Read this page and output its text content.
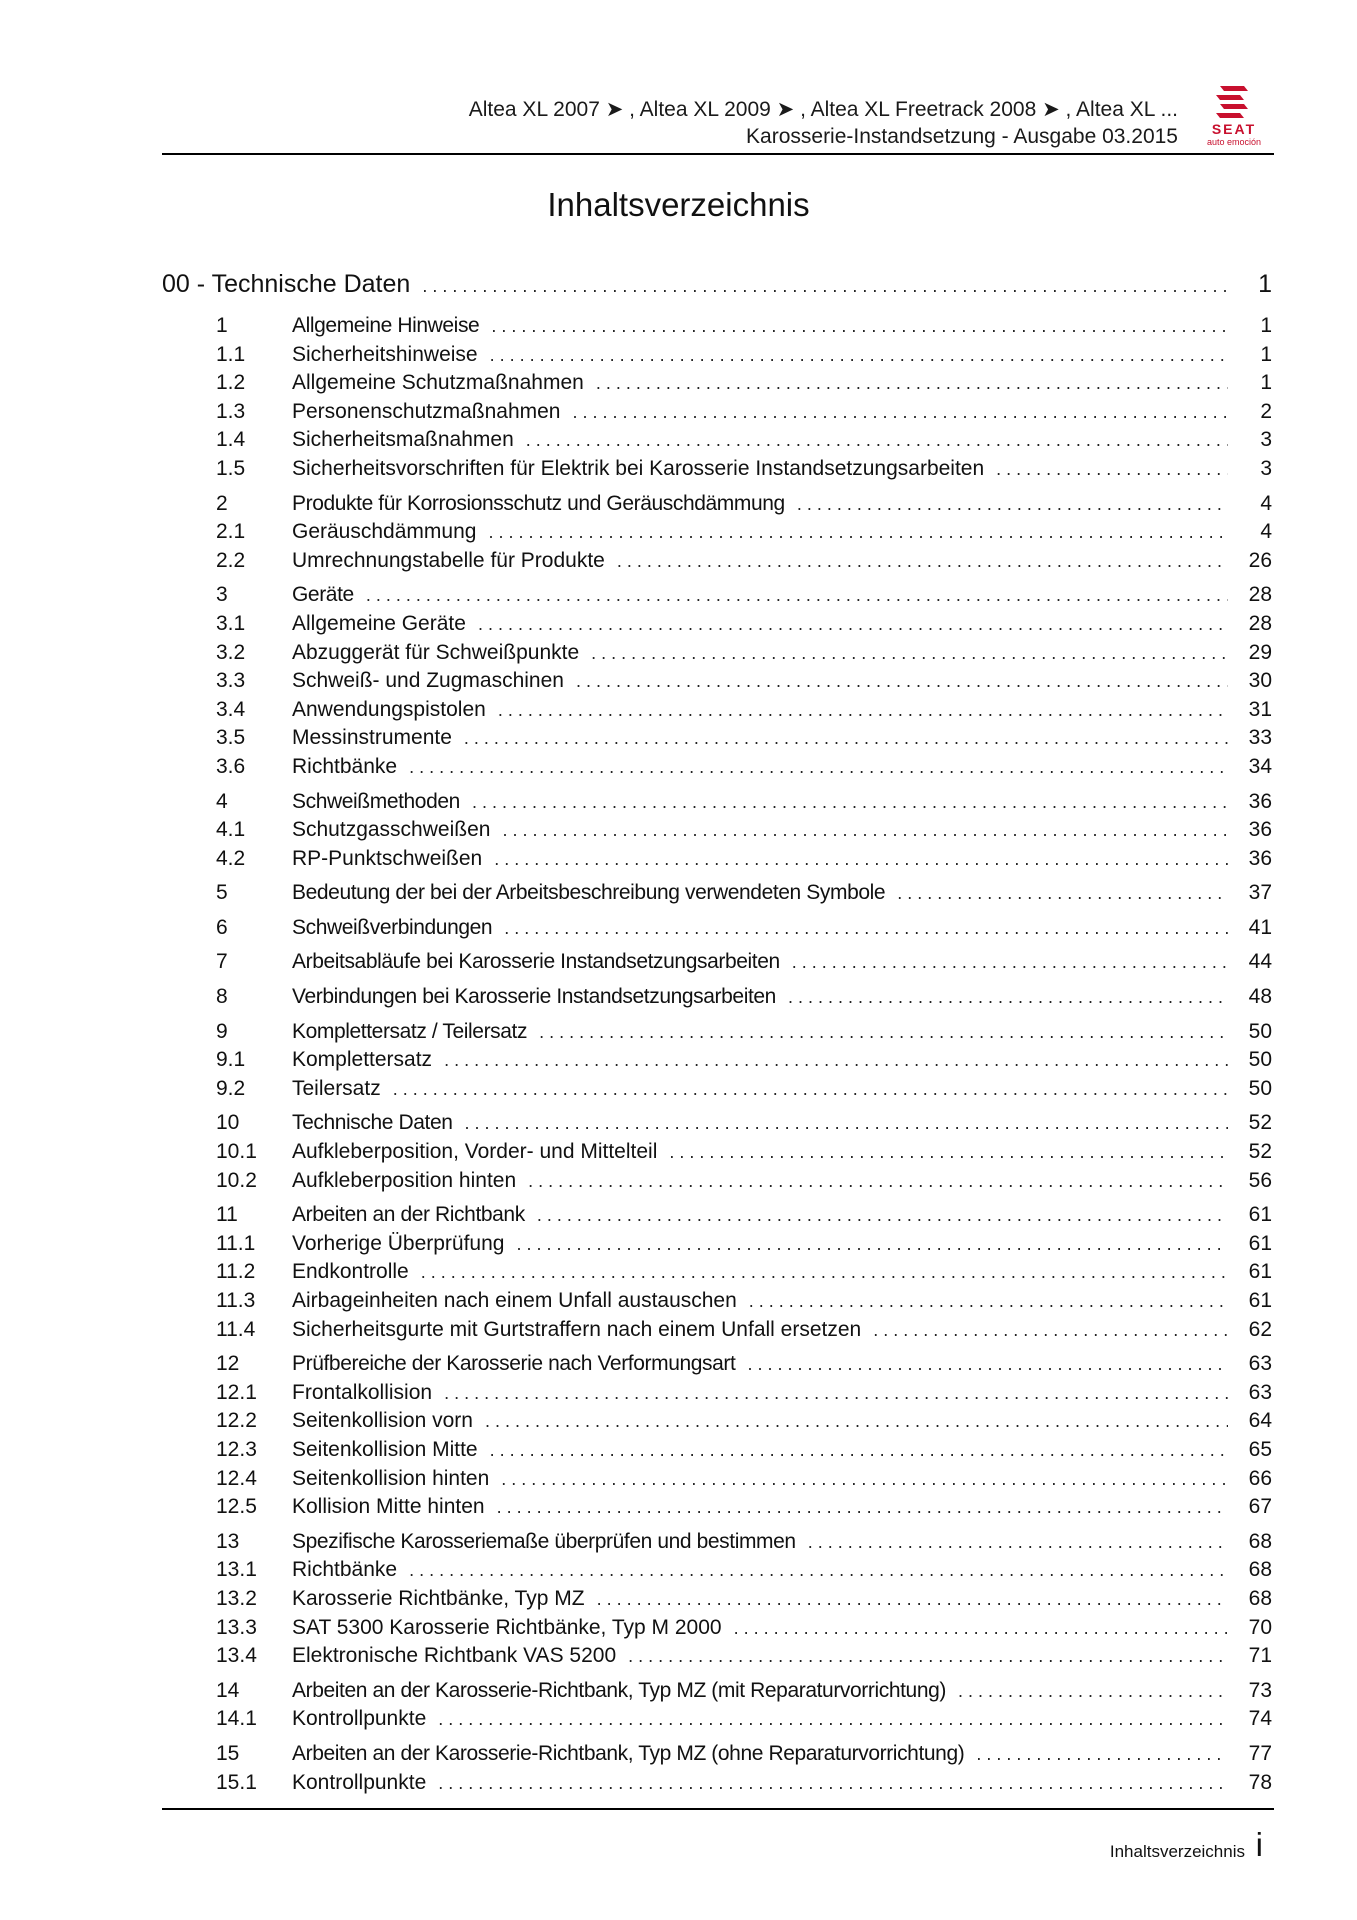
Altea XL 2007 ➤ , Altea XL 2009 ➤ , Altea XL Freetrack 2008 ➤ , Altea XL ...
Karosserie-Instandsetzung - Ausgabe 03.2015 SEAT
auto emoción
Inhaltsverzeichnis
00 - Technische Daten . . .	1
1	Allgemeine Hinweise . . .	1
1.1	Sicherheitshinweise . . .	1
1.2	Allgemeine Schutzmaßnahmen . . .	1
1.3	Personenschutzmaßnahmen . . .	2
1.4	Sicherheitsmaßnahmen . . .	3
1.5	Sicherheitsvorschriften für Elektrik bei Karosserie Instandsetzungsarbeiten . . .	3
2	Produkte für Korrosionsschutz und Geräuschdämmung . . .	4
2.1	Geräuschdämmung . . .	4
2.2	Umrechnungstabelle für Produkte . . .	26
3	Geräte . . .	28
3.1	Allgemeine Geräte . . .	28
3.2	Abzuggerät für Schweißpunkte . . .	29
3.3	Schweiß- und Zugmaschinen . . .	30
3.4	Anwendungspistolen . . .	31
3.5	Messinstrumente . . .	33
3.6	Richtbänke . . .	34
4	Schweißmethoden . . .	36
4.1	Schutzgasschweißen . . .	36
4.2	RP-Punktschweißen . . .	36
5	Bedeutung der bei der Arbeitsbeschreibung verwendeten Symbole . . .	37
6	Schweißverbindungen . . .	41
7	Arbeitsabläufe bei Karosserie Instandsetzungsarbeiten . . .	44
8	Verbindungen bei Karosserie Instandsetzungsarbeiten . . .	48
9	Komplettersatz / Teilersatz . . .	50
9.1	Komplettersatz . . .	50
9.2	Teilersatz . . .	50
10	Technische Daten . . .	52
10.1	Aufkleberposition, Vorder- und Mittelteil . . .	52
10.2	Aufkleberposition hinten . . .	56
11	Arbeiten an der Richtbank . . .	61
11.1	Vorherige Überprüfung . . .	61
11.2	Endkontrolle . . .	61
11.3	Airbageinheiten nach einem Unfall austauschen . . .	61
11.4	Sicherheitsgurte mit Gurtstraffern nach einem Unfall ersetzen . . .	62
12	Prüfbereiche der Karosserie nach Verformungsart . . .	63
12.1	Frontalkollision . . .	63
12.2	Seitenkollision vorn . . .	64
12.3	Seitenkollision Mitte . . .	65
12.4	Seitenkollision hinten . . .	66
12.5	Kollision Mitte hinten . . .	67
13	Spezifische Karosseriemaße überprüfen und bestimmen . . .	68
13.1	Richtbänke . . .	68
13.2	Karosserie Richtbänke, Typ MZ . . .	68
13.3	SAT 5300 Karosserie Richtbänke, Typ M 2000 . . .	70
13.4	Elektronische Richtbank VAS 5200 . . .	71
14	Arbeiten an der Karosserie-Richtbank, Typ MZ (mit Reparaturvorrichtung) . . .	73
14.1	Kontrollpunkte . . .	74
15	Arbeiten an der Karosserie-Richtbank, Typ MZ (ohne Reparaturvorrichtung) . . .	77
15.1	Kontrollpunkte . . .	78
Inhaltsverzeichnis i
